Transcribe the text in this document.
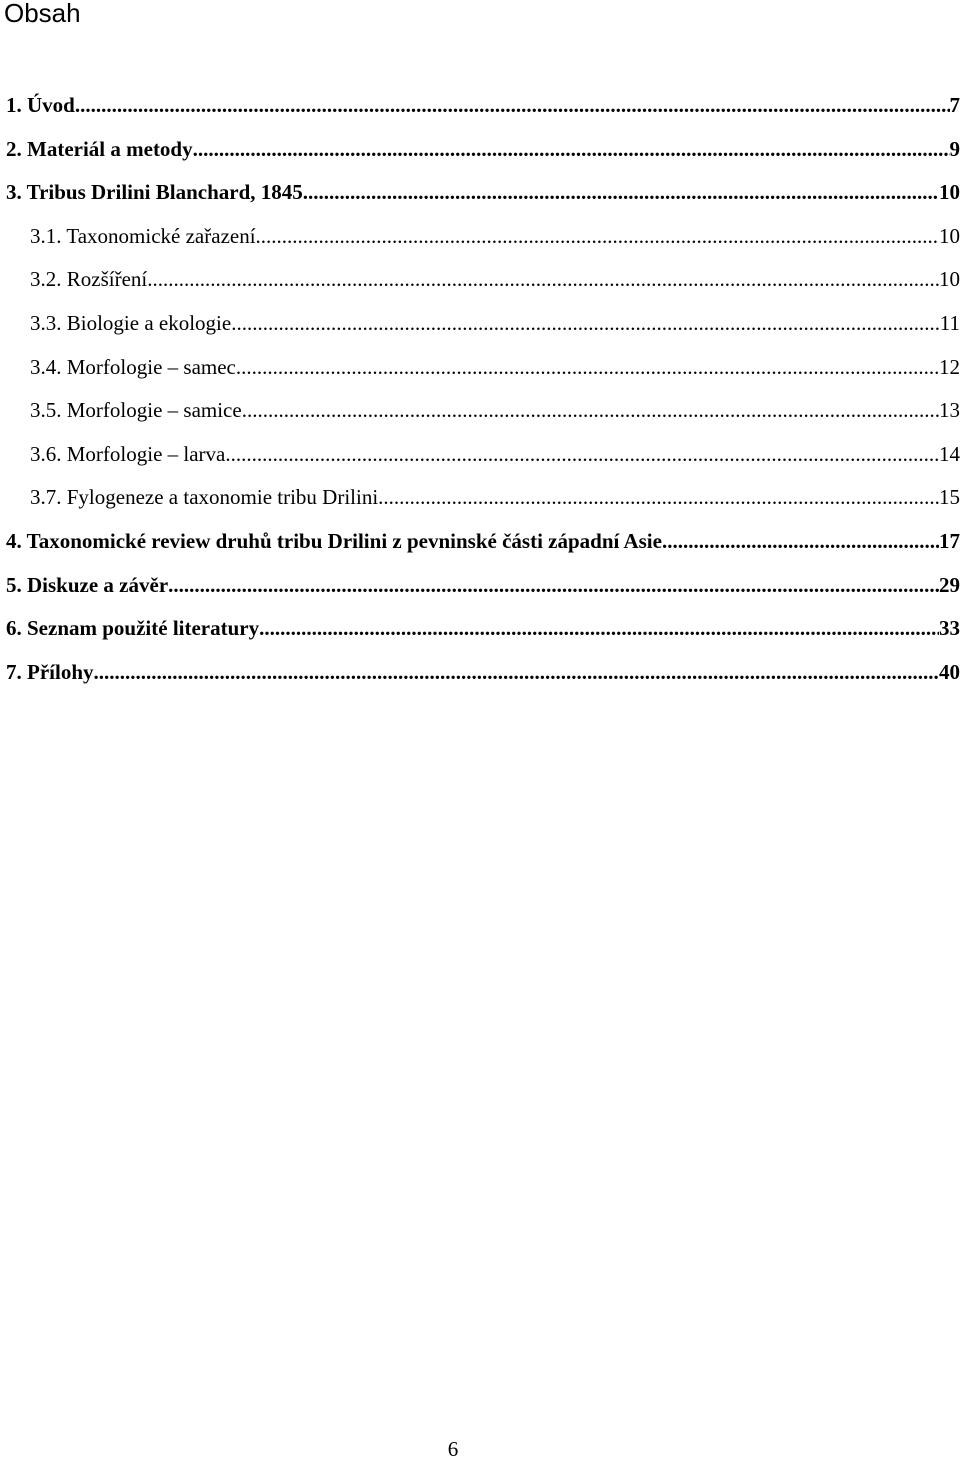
Obsah
1. Úvod .....	7
2. Materiál a metody .....	9
3. Tribus Drilini Blanchard, 1845 .....	10
3.1. Taxonomické zařazení .....	10
3.2. Rozšíření .....	10
3.3. Biologie a ekologie .....	11
3.4. Morfologie – samec .....	12
3.5. Morfologie – samice .....	13
3.6. Morfologie – larva .....	14
3.7. Fylogeneze a taxonomie tribu Drilini .....	15
4. Taxonomické review druhů tribu Drilini z pevninské části západní Asie .....	17
5. Diskuze a závěr .....	29
6. Seznam použité literatury .....	33
7. Přílohy .....	40
6
